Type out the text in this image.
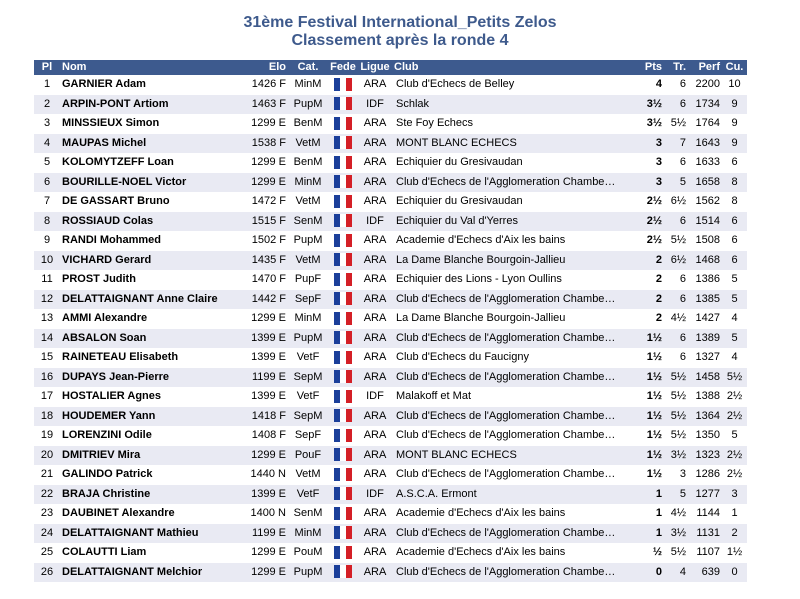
31ème Festival International_Petits Zelos
Classement après la ronde 4
Pl	Nom	Elo	Cat.	Fede	Ligue	Club	Pts	Tr.	Perf	Cu.
1	GARNIER Adam	1426 F	MinM		ARA	Club d'Echecs de Belley	4	6	2200	10
2	ARPIN-PONT Artiom	1463 F	PupM		IDF	Schlak	3½	6	1734	9
3	MINSSIEUX Simon	1299 E	BenM		ARA	Ste Foy Echecs	3½	5½	1764	9
4	MAUPAS Michel	1538 F	VetM		ARA	MONT BLANC ECHECS	3	7	1643	9
5	KOLOMYTZEFF Loan	1299 E	BenM		ARA	Echiquier du Gresivaudan	3	6	1633	6
6	BOURILLE-NOEL Victor	1299 E	MinM		ARA	Club d'Echecs de l'Agglomeration Chambe…	3	5	1658	8
7	DE GASSART Bruno	1472 F	VetM		ARA	Echiquier du Gresivaudan	2½	6½	1562	8
8	ROSSIAUD Colas	1515 F	SenM		IDF	Echiquier du Val d'Yerres	2½	6	1514	6
9	RANDI Mohammed	1502 F	PupM		ARA	Academie d'Echecs d'Aix les bains	2½	5½	1508	6
10	VICHARD Gerard	1435 F	VetM		ARA	La Dame Blanche Bourgoin-Jallieu	2	6½	1468	6
11	PROST Judith	1470 F	PupF		ARA	Echiquier des Lions - Lyon Oullins	2	6	1386	5
12	DELATTAIGNANT Anne Claire	1442 F	SepF		ARA	Club d'Echecs de l'Agglomeration Chambe…	2	6	1385	5
13	AMMI Alexandre	1299 E	MinM		ARA	La Dame Blanche Bourgoin-Jallieu	2	4½	1427	4
14	ABSALON Soan	1399 E	PupM		ARA	Club d'Echecs de l'Agglomeration Chambe…	1½	6	1389	5
15	RAINETEAU Elisabeth	1399 E	VetF		ARA	Club d'Echecs du Faucigny	1½	6	1327	4
16	DUPAYS Jean-Pierre	1199 E	SepM		ARA	Club d'Echecs de l'Agglomeration Chambe…	1½	5½	1458	5½
17	HOSTALIER Agnes	1399 E	VetF		IDF	Malakoff et Mat	1½	5½	1388	2½
18	HOUDEMER Yann	1418 F	SepM		ARA	Club d'Echecs de l'Agglomeration Chambe…	1½	5½	1364	2½
19	LORENZINI Odile	1408 F	SepF		ARA	Club d'Echecs de l'Agglomeration Chambe…	1½	5½	1350	5
20	DMITRIEV Mira	1299 E	PouF		ARA	MONT BLANC ECHECS	1½	3½	1323	2½
21	GALINDO Patrick	1440 N	VetM		ARA	Club d'Echecs de l'Agglomeration Chambe…	1½	3	1286	2½
22	BRAJA Christine	1399 E	VetF		IDF	A.S.C.A. Ermont	1	5	1277	3
23	DAUBINET Alexandre	1400 N	SenM		ARA	Academie d'Echecs d'Aix les bains	1	4½	1144	1
24	DELATTAIGNANT Mathieu	1199 E	MinM		ARA	Club d'Echecs de l'Agglomeration Chambe…	1	3½	1131	2
25	COLAUTTI Liam	1299 E	PouM		ARA	Academie d'Echecs d'Aix les bains	½	5½	1107	1½
26	DELATTAIGNANT Melchior	1299 E	PupM		ARA	Club d'Echecs de l'Agglomeration Chambe…	0	4	639	0
